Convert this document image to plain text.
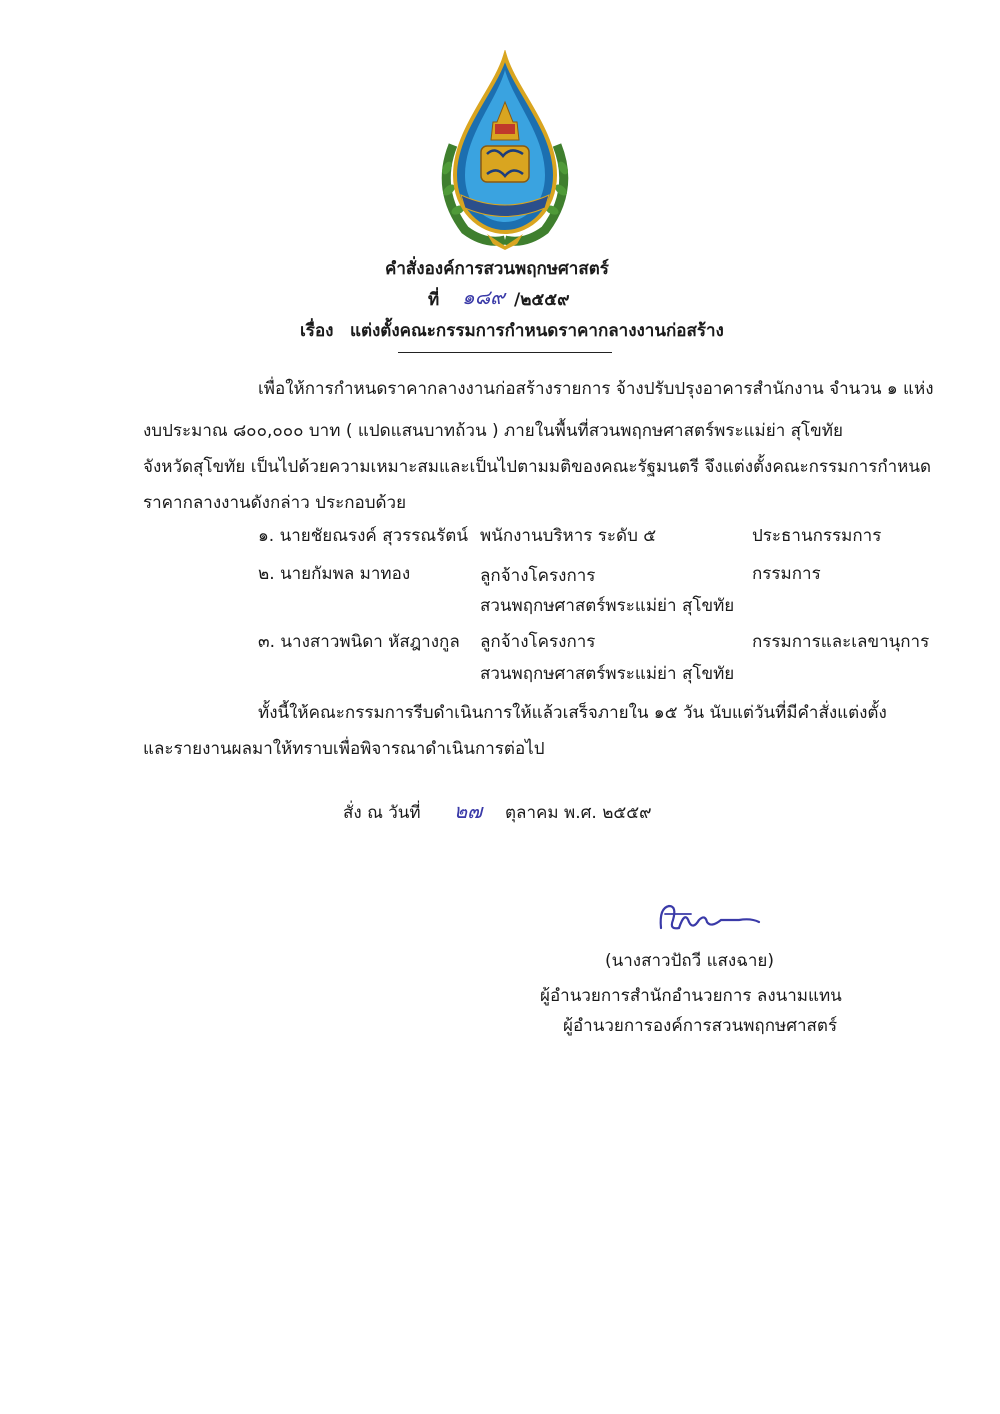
คำสั่งองค์การสวนพฤกษศาสตร์
ที่ ๑๘๙ /๒๕๕๙
เรื่อง แต่งตั้งคณะกรรมการกำหนดราคากลางงานก่อสร้าง
เพื่อให้การกำหนดราคากลางงานก่อสร้างรายการ จ้างปรับปรุงอาคารสำนักงาน จำนวน ๑ แห่ง
งบประมาณ ๘๐๐,๐๐๐ บาท ( แปดแสนบาทถ้วน ) ภายในพื้นที่สวนพฤกษศาสตร์พระแม่ย่า สุโขทัย
จังหวัดสุโขทัย เป็นไปด้วยความเหมาะสมและเป็นไปตามมติของคณะรัฐมนตรี จึงแต่งตั้งคณะกรรมการกำหนด
ราคากลางงานดังกล่าว ประกอบด้วย
๑. นายชัยณรงค์ สุวรรณรัตน์ พนักงานบริหาร ระดับ ๕	ประธานกรรมการ
๒. นายกัมพล มาทอง	ลูกจ้างโครงการ
สวนพฤกษศาสตร์พระแม่ย่า สุโขทัย
กรรมการ
๓. นางสาวพนิดา หัสฎางกูล ลูกจ้างโครงการ
สวนพฤกษศาสตร์พระแม่ย่า สุโขทัย
กรรมการและเลขานุการ
ทั้งนี้ให้คณะกรรมการรีบดำเนินการให้แล้วเสร็จภายใน ๑๕ วัน นับแต่วันที่มีคำสั่งแต่งตั้ง
และรายงานผลมาให้ทราบเพื่อพิจารณาดำเนินการต่อไป
สั่ง ณ วันที่ ๒๗ ตุลาคม พ.ศ. ๒๕๕๙
(นางสาวปัถวี แสงฉาย)
ผู้อำนวยการสำนักอำนวยการ ลงนามแทน
ผู้อำนวยการองค์การสวนพฤกษศาสตร์
